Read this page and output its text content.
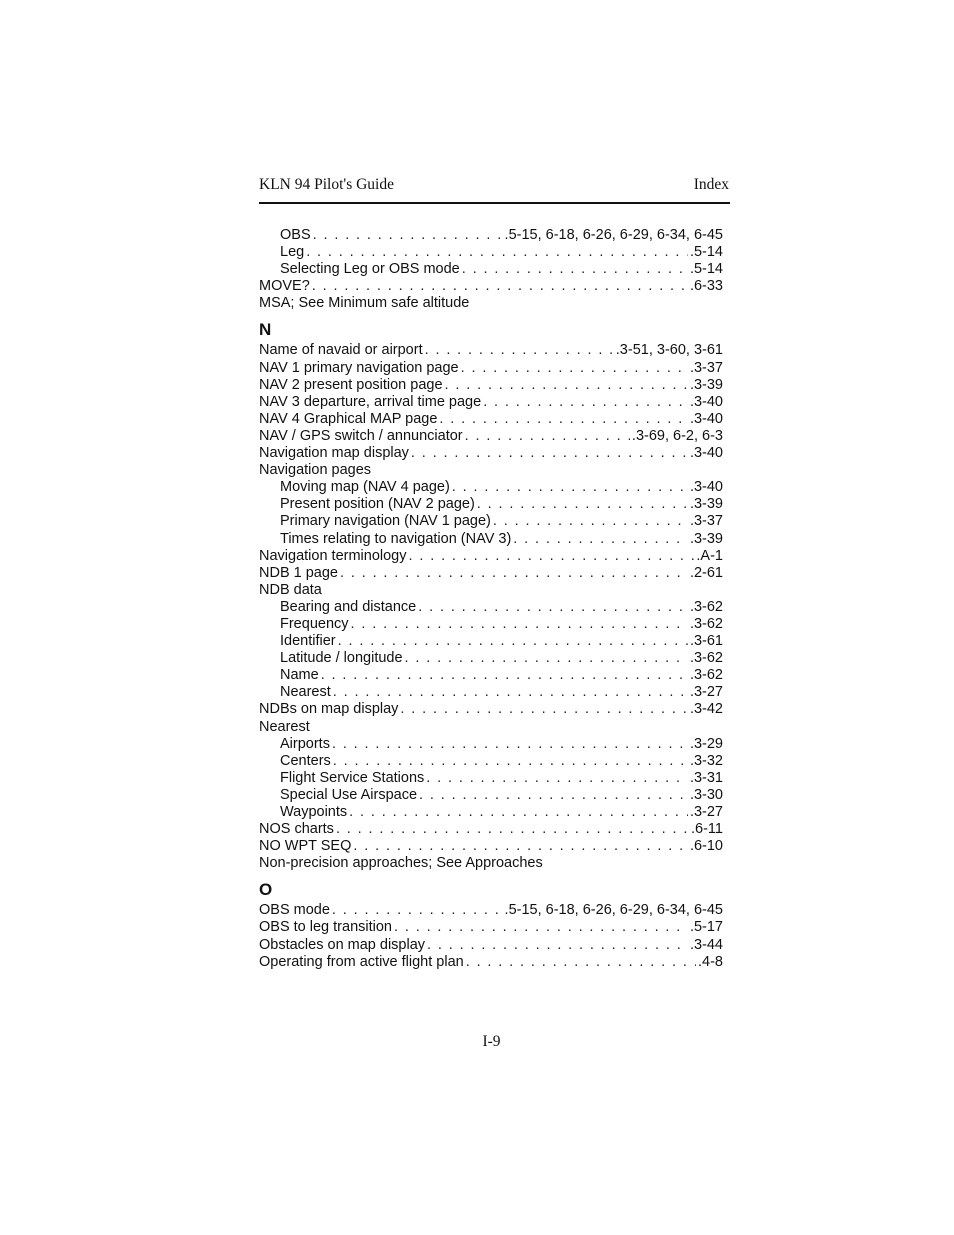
KLN 94 Pilot's Guide	Index
OBS . . .	.5-15, 6-18, 6-26, 6-29, 6-34, 6-45
Leg . . .	.5-14
Selecting Leg or OBS mode . . .	.5-14
MOVE? . . .	.6-33
MSA; See Minimum safe altitude
N
Name of navaid or airport . . .	.3-51, 3-60, 3-61
NAV 1 primary navigation page . . .	.3-37
NAV 2 present position page . . .	.3-39
NAV 3 departure, arrival time page . . .	.3-40
NAV 4 Graphical MAP page . . .	.3-40
NAV / GPS switch / annunciator . . .	.3-69, 6-2, 6-3
Navigation map display . . .	.3-40
Navigation pages
Moving map (NAV 4 page) . . .	.3-40
Present position (NAV 2 page) . . .	.3-39
Primary navigation (NAV 1 page) . . .	.3-37
Times relating to navigation (NAV 3) . . .	.3-39
Navigation terminology . . .	.A-1
NDB 1 page . . .	.2-61
NDB data
Bearing and distance . . .	.3-62
Frequency . . .	.3-62
Identifier . . .	.3-61
Latitude / longitude . . .	.3-62
Name . . .	.3-62
Nearest . . .	.3-27
NDBs on map display . . .	.3-42
Nearest
Airports . . .	.3-29
Centers . . .	.3-32
Flight Service Stations . . .	.3-31
Special Use Airspace . . .	.3-30
Waypoints . . .	.3-27
NOS charts . . .	.6-11
NO WPT SEQ . . .	.6-10
Non-precision approaches; See Approaches
O
OBS mode . . .	.5-15, 6-18, 6-26, 6-29, 6-34, 6-45
OBS to leg transition . . .	.5-17
Obstacles on map display . . .	.3-44
Operating from active flight plan . . .	.4-8
I-9
